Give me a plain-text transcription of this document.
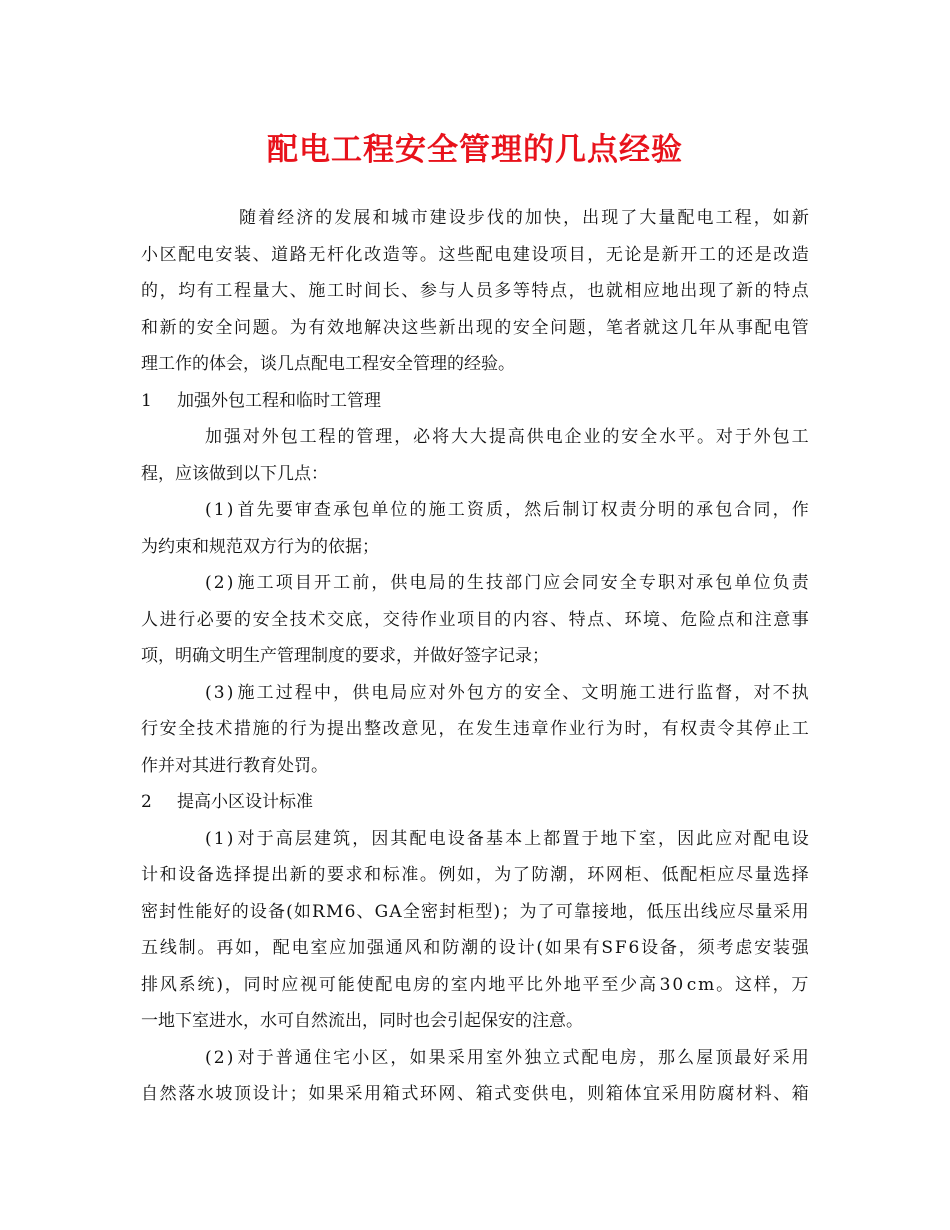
配电工程安全管理的几点经验
随 着 经 济 的 发 展 和 城 市 建 设 步 伐 的 加 快 ， 出 现 了 大 量 配 电 工 程 ， 如 新
小 区 配 电 安 装 、 道 路 无 杆 化 改 造 等 。 这 些 配 电 建 设 项 目 ， 无 论 是 新 开 工 的 还 是 改 造
的 ， 均 有 工 程 量 大 、 施 工 时 间 长 、 参 与 人 员 多 等 特 点 ， 也 就 相 应 地 出 现 了 新 的 特 点
和 新 的 安 全 问 题 。 为 有 效 地 解 决 这 些 新 出 现 的 安 全 问 题 ， 笔 者 就 这 几 年 从 事 配 电 管
理工作的体会，谈几点配电工程安全管理的经验。
1 加强外包工程和临时工管理
加 强 对 外 包 工 程 的 管 理 ， 必 将 大 大 提 高 供 电 企 业 的 安 全 水 平 。 对 于 外 包 工
程，应该做到以下几点：
( 1 ) 首 先 要 审 查 承 包 单 位 的 施 工 资 质 ， 然 后 制 订 权 责 分 明 的 承 包 合 同 ， 作
为约束和规范双方行为的依据；
( 2 ) 施 工 项 目 开 工 前 ， 供 电 局 的 生 技 部 门 应 会 同 安 全 专 职 对 承 包 单 位 负 责
人 进 行 必 要 的 安 全 技 术 交 底 ， 交 待 作 业 项 目 的 内 容 、 特 点 、 环 境 、 危 险 点 和 注 意 事
项，明确文明生产管理制度的要求，并做好签字记录；
( 3 ) 施 工 过 程 中 ， 供 电 局 应 对 外 包 方 的 安 全 、 文 明 施 工 进 行 监 督 ， 对 不 执
行 安 全 技 术 措 施 的 行 为 提 出 整 改 意 见 ， 在 发 生 违 章 作 业 行 为 时 ， 有 权 责 令 其 停 止 工
作并对其进行教育处罚。
2 提高小区设计标准
( 1 ) 对 于 高 层 建 筑 ， 因 其 配 电 设 备 基 本 上 都 置 于 地 下 室 ， 因 此 应 对 配 电 设
计 和 设 备 选 择 提 出 新 的 要 求 和 标 准 。 例 如 ， 为 了 防 潮 ， 环 网 柜 、 低 配 柜 应 尽 量 选 择
密 封 性 能 好 的 设 备 ( 如 R M 6 、 G A 全 密 封 柜 型 ) ； 为 了 可 靠 接 地 ， 低 压 出 线 应 尽 量 采 用
五 线 制 。 再 如 ， 配 电 室 应 加 强 通 风 和 防 潮 的 设 计 ( 如 果 有 S F 6 设 备 ， 须 考 虑 安 装 强
排 风 系 统 ) ， 同 时 应 视 可 能 使 配 电 房 的 室 内 地 平 比 外 地 平 至 少 高 3 0 c m 。 这 样 ， 万
一地下室进水，水可自然流出，同时也会引起保安的注意。
( 2 ) 对 于 普 通 住 宅 小 区 ， 如 果 采 用 室 外 独 立 式 配 电 房 ， 那 么 屋 顶 最 好 采 用
自 然 落 水 坡 顶 设 计 ； 如 果 采 用 箱 式 环 网 、 箱 式 变 供 电 ， 则 箱 体 宜 采 用 防 腐 材 料 、 箱
